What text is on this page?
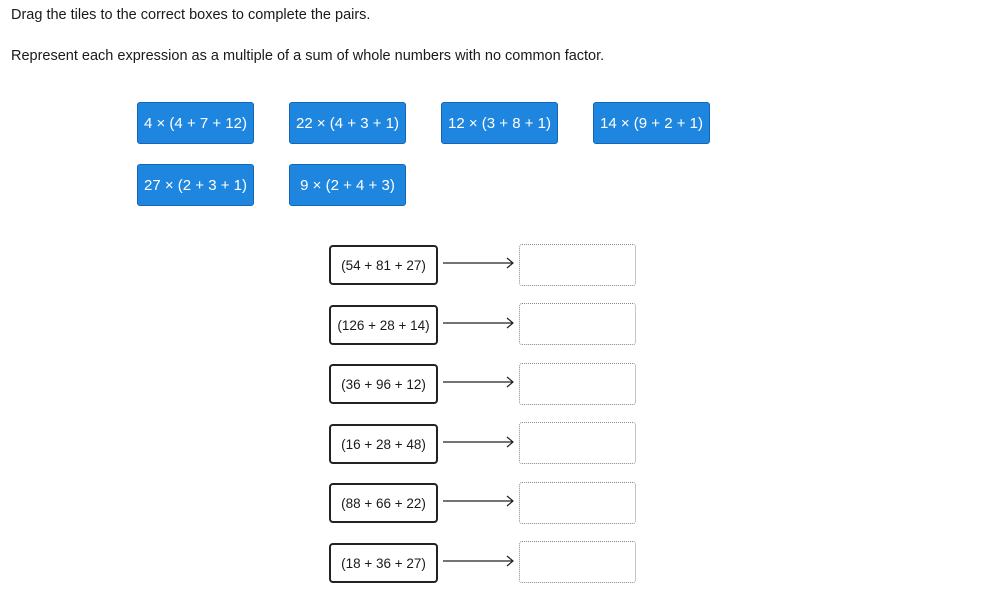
Drag the tiles to the correct boxes to complete the pairs.

Represent each expression as a multiple of a sum of whole numbers with no common factor.

4 × (4 + 7 + 12)	22 × (4 + 3 + 1)	12 × (3 + 8 + 1)	14 × (9 + 2 + 1)
27 × (2 + 3 + 1)	9 × (2 + 4 + 3)
(54 + 81 + 27)
(126 + 28 + 14)
(36 + 96 + 12)
(16 + 28 + 48)
(88 + 66 + 22)
(18 + 36 + 27)
